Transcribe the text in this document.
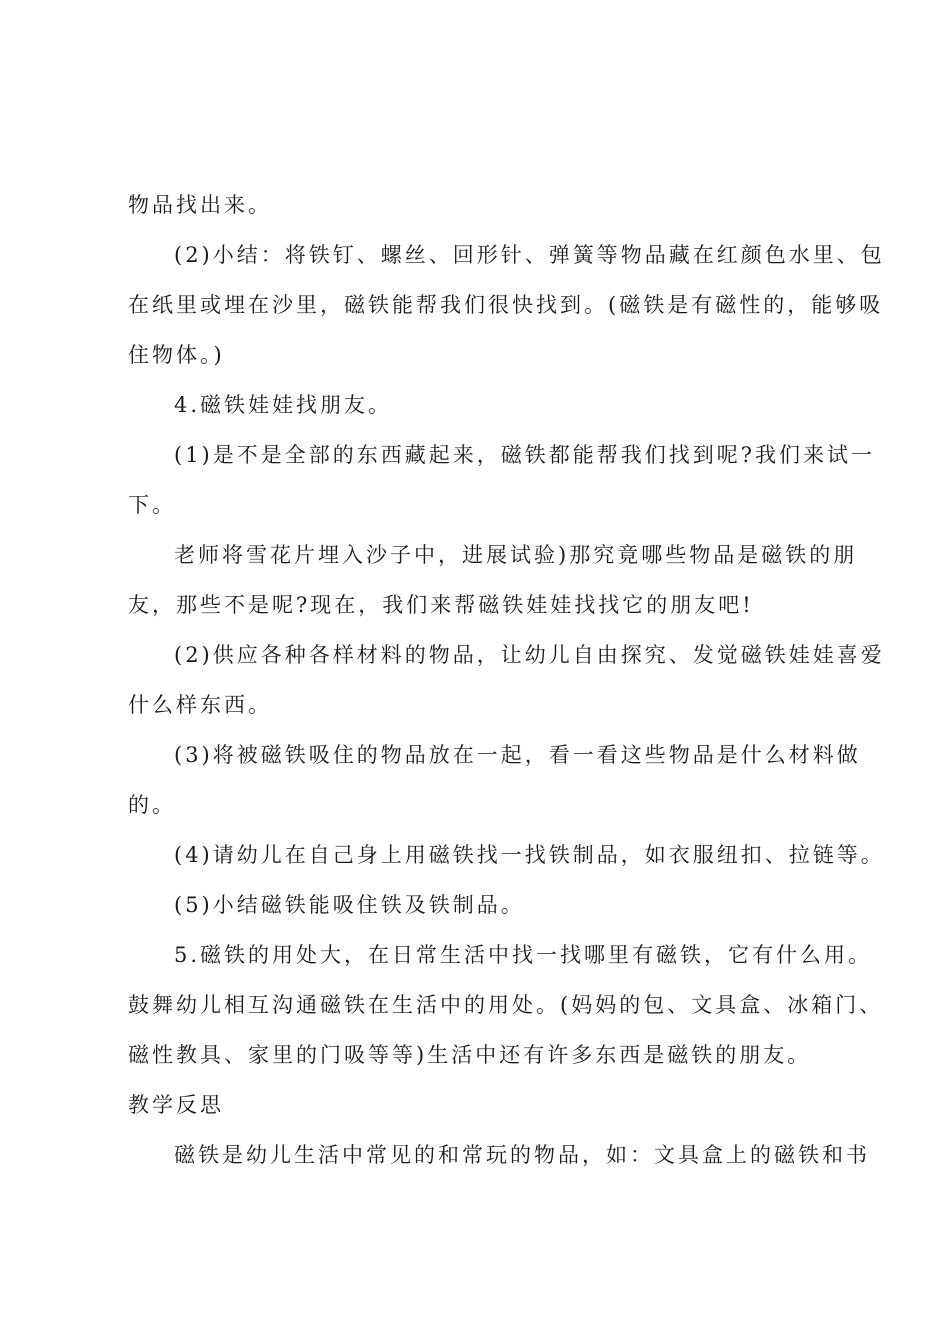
物品找出来。
(2)小结：将铁钉、螺丝、回形针、弹簧等物品藏在红颜色水里、包
在纸里或埋在沙里，磁铁能帮我们很快找到。(磁铁是有磁性的，能够吸
住物体。)
4.磁铁娃娃找朋友。
(1)是不是全部的东西藏起来，磁铁都能帮我们找到呢?我们来试一
下。
老师将雪花片埋入沙子中，进展试验)那究竟哪些物品是磁铁的朋
友，那些不是呢?现在，我们来帮磁铁娃娃找找它的朋友吧!
(2)供应各种各样材料的物品，让幼儿自由探究、发觉磁铁娃娃喜爱
什么样东西。
(3)将被磁铁吸住的物品放在一起，看一看这些物品是什么材料做
的。
(4)请幼儿在自己身上用磁铁找一找铁制品，如衣服纽扣、拉链等。
(5)小结磁铁能吸住铁及铁制品。
5.磁铁的用处大，在日常生活中找一找哪里有磁铁，它有什么用。
鼓舞幼儿相互沟通磁铁在生活中的用处。(妈妈的包、文具盒、冰箱门、
磁性教具、家里的门吸等等)生活中还有许多东西是磁铁的朋友。
教学反思
磁铁是幼儿生活中常见的和常玩的物品，如：文具盒上的磁铁和书
